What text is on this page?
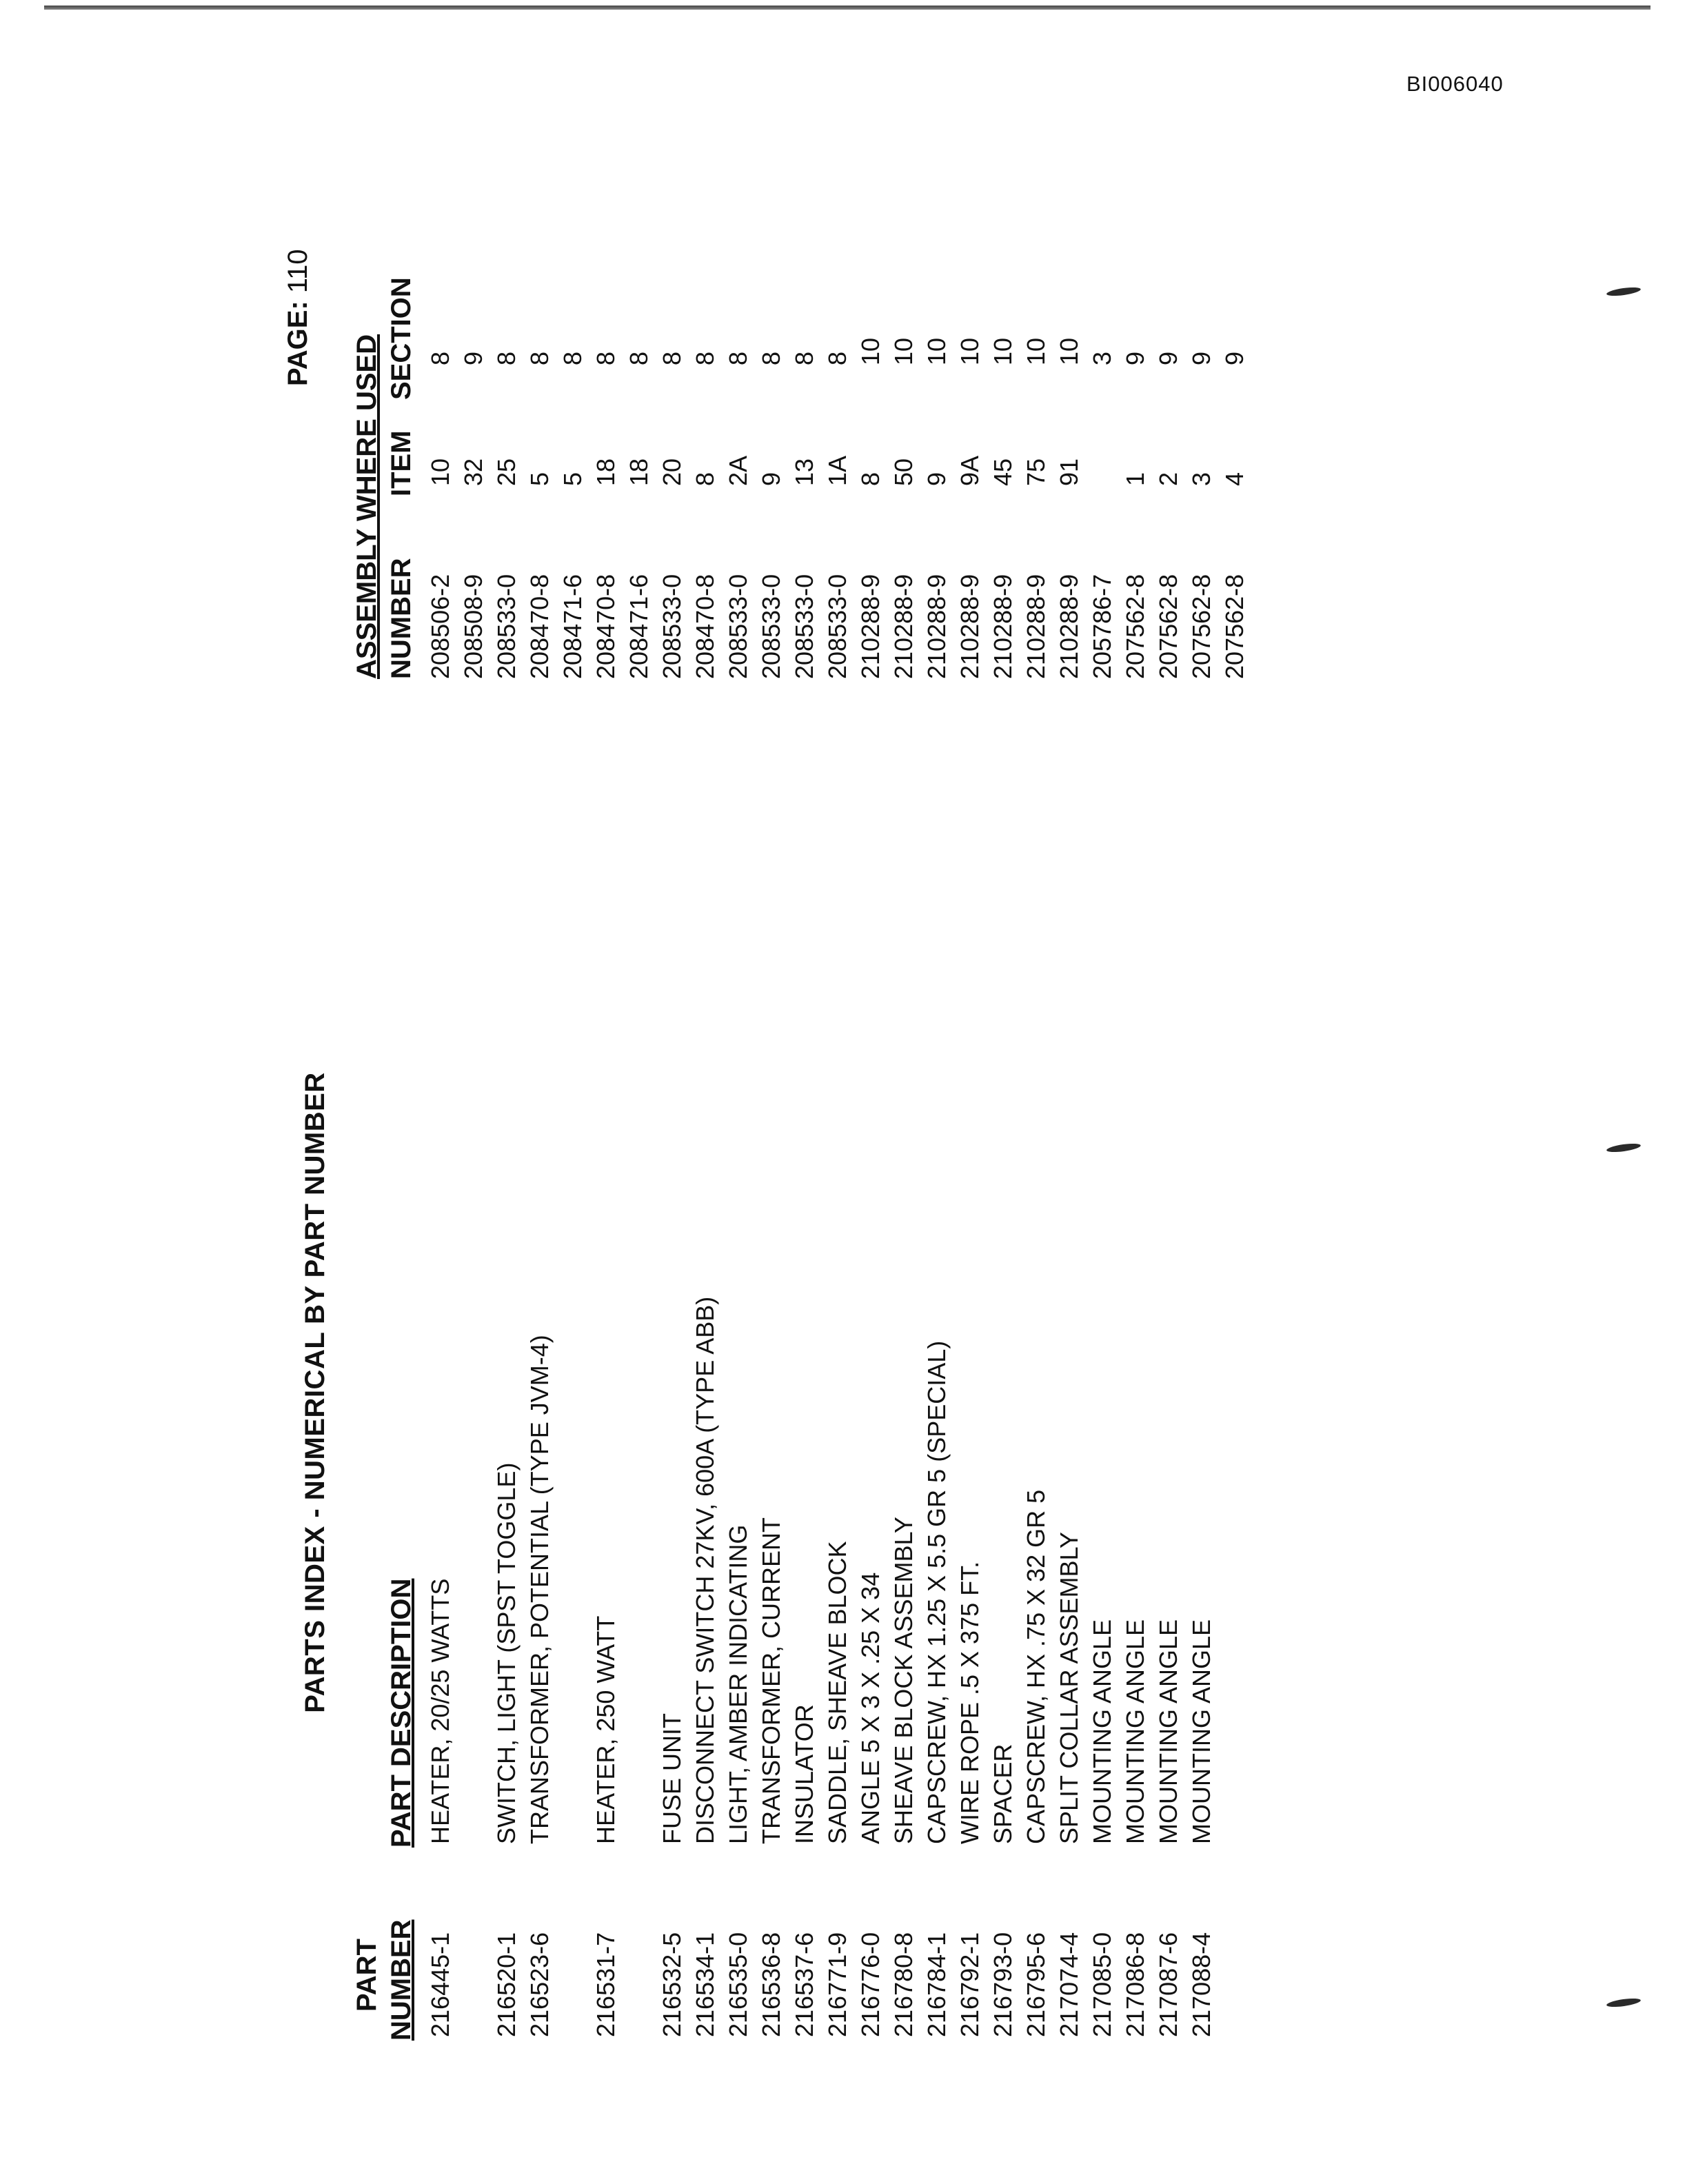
BI006040
PARTS INDEX - NUMERICAL BY PART NUMBER
PAGE: 110
PART NUMBER
PART DESCRIPTION
ASSEMBLY WHERE USED NUMBER
ITEM
SECTION
216445-1
HEATER, 20/25 WATTS
208506-2
10
8
208508-9
32
9
216520-1
SWITCH, LIGHT (SPST TOGGLE)
208533-0
25
8
216523-6
TRANSFORMER, POTENTIAL (TYPE JVM-4)
208470-8
5
8
208471-6
5
8
216531-7
HEATER, 250 WATT
208470-8
18
8
208471-6
18
8
216532-5
FUSE UNIT
208533-0
20
8
216534-1
DISCONNECT SWITCH 27KV, 600A (TYPE ABB)
208470-8
8
8
216535-0
LIGHT, AMBER INDICATING
208533-0
2A
8
216536-8
TRANSFORMER, CURRENT
208533-0
9
8
216537-6
INSULATOR
208533-0
13
8
216771-9
SADDLE, SHEAVE BLOCK
208533-0
1A
8
216776-0
ANGLE 5 X 3 X .25 X 34
210288-9
8
10
216780-8
SHEAVE BLOCK ASSEMBLY
210288-9
50
10
216784-1
CAPSCREW, HX 1.25 X 5.5 GR 5 (SPECIAL)
210288-9
9
10
216792-1
WIRE ROPE .5 X 375 FT.
210288-9
9A
10
216793-0
SPACER
210288-9
45
10
216795-6
CAPSCREW, HX .75 X 32 GR 5
210288-9
75
10
217074-4
SPLIT COLLAR ASSEMBLY
210288-9
91
10
217085-0
MOUNTING ANGLE
205786-7
3
217086-8
MOUNTING ANGLE
207562-8
1
9
217087-6
MOUNTING ANGLE
207562-8
2
9
217088-4
MOUNTING ANGLE
207562-8
3
9
207562-8
4
9
